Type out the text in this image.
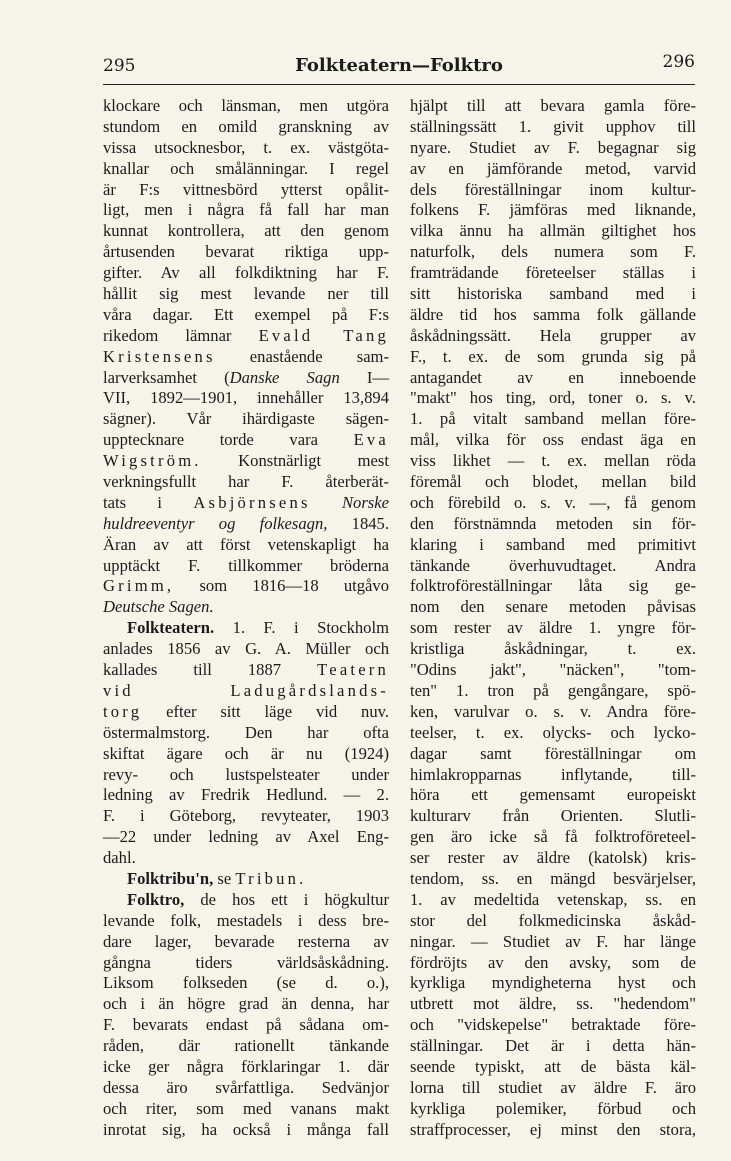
295	Folkteatern—Folktro	296
klockare och länsman, men utgöra
stundom en omild granskning av
vissa utsocknesbor, t. ex. västgöta-
knallar och smålänningar. I regel
är F:s vittnesbörd ytterst opålit-
ligt, men i några få fall har man
kunnat kontrollera, att den genom
årtusenden bevarat riktiga upp-
gifter. Av all folkdiktning har F.
hållit sig mest levande ner till
våra dagar. Ett exempel på F:s
rikedom lämnar Evald Tang
Kristensens enastående sam-
larverksamhet (Danske Sagn I—
VII, 1892—1901, innehåller 13,894
sägner). Vår ihärdigaste sägen-
upptecknare torde vara Eva
Wigström. Konstnärligt mest
verkningsfullt har F. återberät-
tats i Asbjörnsens Norske
huldreeventyr og folkesagn, 1845.
Äran av att först vetenskapligt ha
upptäckt F. tillkommer bröderna
Grimm, som 1816—18 utgåvo
Deutsche Sagen.
Folkteatern. 1. F. i Stockholm
anlades 1856 av G. A. Müller och
kallades till 1887 Teatern
vid Ladugårdslands-
torg efter sitt läge vid nuv.
östermalmstorg. Den har ofta
skiftat ägare och är nu (1924)
revy- och lustspelsteater under
ledning av Fredrik Hedlund. — 2.
F. i Göteborg, revyteater, 1903
—22 under ledning av Axel Eng-
dahl.
Folktribu'n, se Tribun.
Folktro, de hos ett i högkultur
levande folk, mestadels i dess bre-
dare lager, bevarade resterna av
gångna tiders världsåskådning.
Liksom folkseden (se d. o.),
och i än högre grad än denna, har
F. bevarats endast på sådana om-
råden, där rationellt tänkande
icke ger några förklaringar 1. där
dessa äro svårfattliga. Sedvänjor
och riter, som med vanans makt
inrotat sig, ha också i många fall
hjälpt till att bevara gamla före-
ställningssätt 1. givit upphov till
nyare. Studiet av F. begagnar sig
av en jämförande metod, varvid
dels föreställningar inom kultur-
folkens F. jämföras med liknande,
vilka ännu ha allmän giltighet hos
naturfolk, dels numera som F.
framträdande företeelser ställas i
sitt historiska samband med i
äldre tid hos samma folk gällande
åskådningssätt. Hela grupper av
F., t. ex. de som grunda sig på
antagandet av en inneboende
"makt" hos ting, ord, toner o. s. v.
1. på vitalt samband mellan före-
mål, vilka för oss endast äga en
viss likhet — t. ex. mellan röda
föremål och blodet, mellan bild
och förebild o. s. v. —, få genom
den förstnämnda metoden sin för-
klaring i samband med primitivt
tänkande överhuvudtaget. Andra
folktroföreställningar låta sig ge-
nom den senare metoden påvisas
som rester av äldre 1. yngre för-
kristliga åskådningar, t. ex.
"Odins jakt", "näcken", "tom-
ten" 1. tron på gengångare, spö-
ken, varulvar o. s. v. Andra före-
teelser, t. ex. olycks- och lycko-
dagar samt föreställningar om
himlakropparnas inflytande, till-
höra ett gemensamt europeiskt
kulturarv från Orienten. Slutli-
gen äro icke så få folktroföreteel-
ser rester av äldre (katolsk) kris-
tendom, ss. en mängd besvärjelser,
1. av medeltida vetenskap, ss. en
stor del folkmedicinska åskåd-
ningar. — Studiet av F. har länge
fördröjts av den avsky, som de
kyrkliga myndigheterna hyst och
utbrett mot äldre, ss. "hedendom"
och "vidskepelse" betraktade före-
ställningar. Det är i detta hän-
seende typiskt, att de bästa käl-
lorna till studiet av äldre F. äro
kyrkliga polemiker, förbud och
straffprocesser, ej minst den stora,
